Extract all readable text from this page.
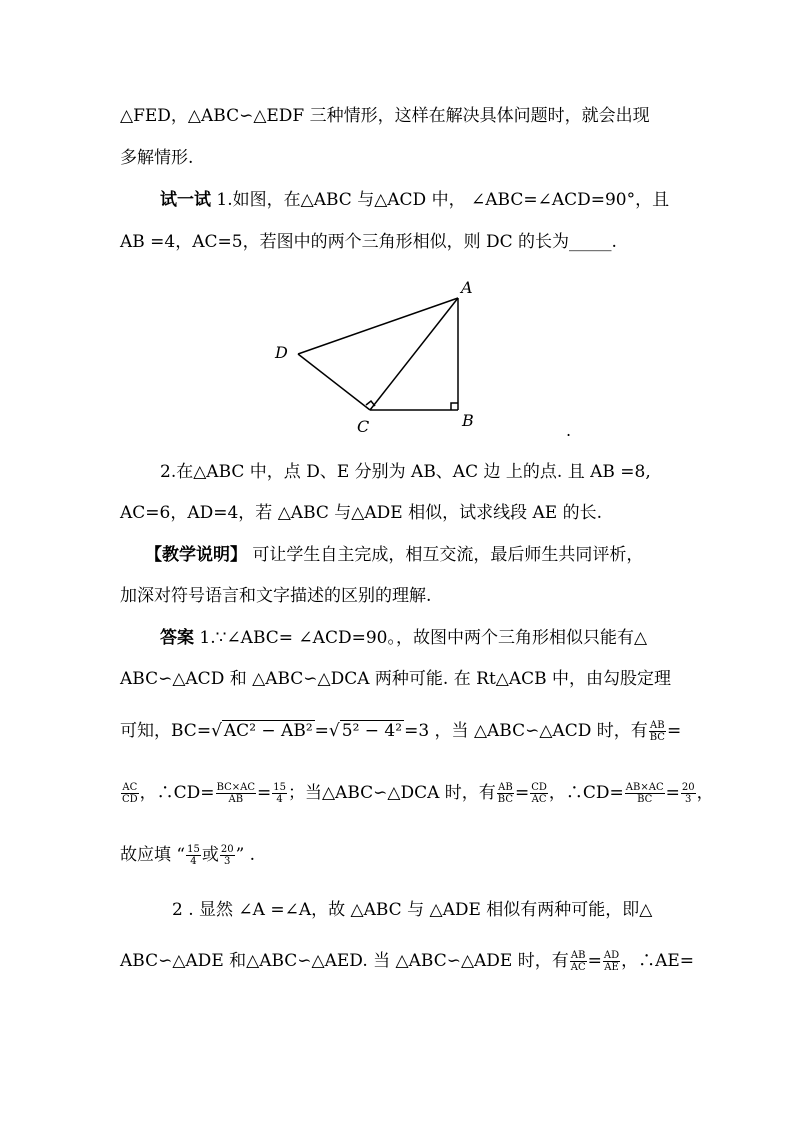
△FED，△ABC∽△EDF 三种情形，这样在解决具体问题时，就会出现
多解情形.
试一试 1.如图，在△ABC 与△ACD 中， ∠ABC=∠ACD=90°，且
AB =4，AC=5，若图中的两个三角形相似，则 DC 的长为_____.
A
B
C
D
.
2.在△ABC 中，点 D、E 分别为 AB、AC 边 上的点. 且 AB =8,
AC=6，AD=4，若 △ABC 与△ADE 相似，试求线段 AE 的长.
【教学说明】 可让学生自主完成，相互交流，最后师生共同评析，
加深对符号语言和文字描述的区别的理解.
答案 1.∵∠ABC= ∠ACD=90。，故图中两个三角形相似只能有△
ABC∽△ACD 和 △ABC∽△DCA 两种可能. 在 Rt△ACB 中，由勾股定理
可知，BC=√ AC² − AB² =√ 5² − 4² =3 ，当 △ABC∽△ACD 时，有 $\frac{AB}{BC}$ =
$\frac{AC}{CD}$ ，∴CD= $\frac{BC\times AC}{AB} = \frac{15}{4}$ ；当△ABC∽△DCA 时，有 $\frac{AB}{BC} = \frac{CD}{AC}$ ，∴CD= $\frac{AB\times AC}{BC} = \frac{20}{3}$ ，
故应填 “ $\frac{15}{4}$ 或 $\frac{20}{3}$ ” .
2 . 显然 ∠A =∠A，故 △ABC 与 △ADE 相似有两种可能，即△
ABC∽△ADE 和△ABC∽△AED. 当 △ABC∽△ADE 时，有 $\frac{AB}{AC} = \frac{AD}{AE}$ ，∴AE=
